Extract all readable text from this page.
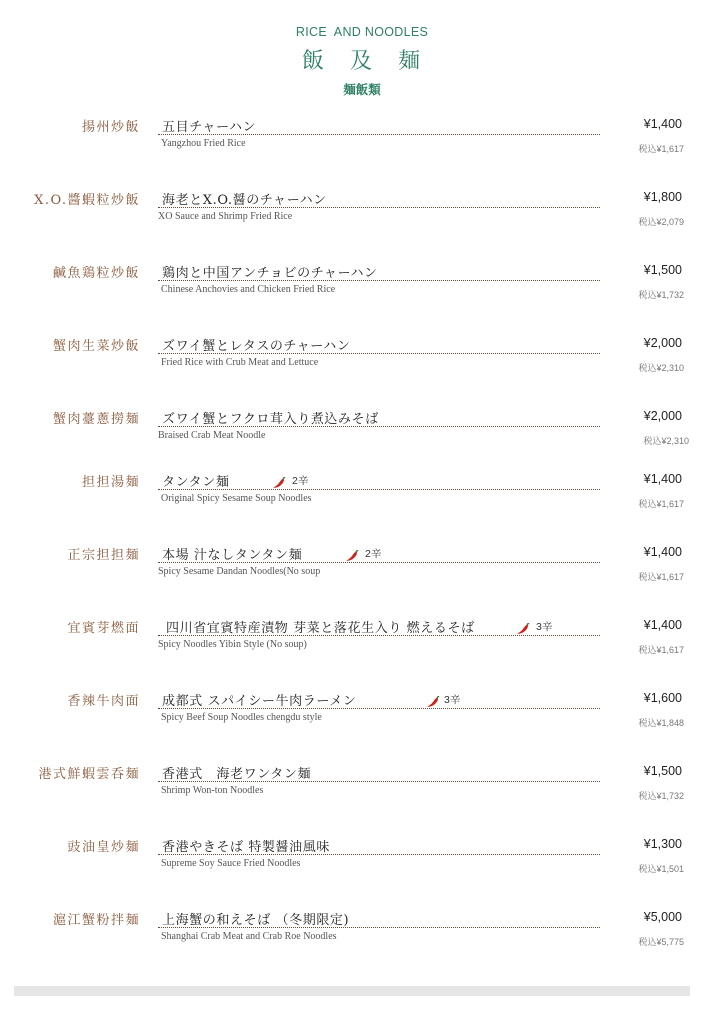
RICE  AND NOODLES
飯　及　麺
麺飯類
揚州炒飯 五目チャーハン
Yangzhou Fried Rice
¥1,400
税込¥1,617
X.O.醬蝦粒炒飯 海老とX.O.醤のチャーハン
XO Sauce and Shrimp Fried Rice
¥1,800
税込¥2,079
鹹魚鶏粒炒飯 鶏肉と中国アンチョビのチャーハン
Chinese Anchovies and Chicken Fried Rice
¥1,500
税込¥1,732
蟹肉生菜炒飯 ズワイ蟹とレタスのチャーハン
Fried Rice with Crub Meat and Lettuce
¥2,000
税込¥2,310
蟹肉薹蔥撈麺 ズワイ蟹とフクロ茸入り煮込みそば
Braised Crab Meat Noodle
¥2,000
税込¥2,310
担担湯麺 タンタン麺	2辛
Original Spicy Sesame Soup Noodles
¥1,400
税込¥1,617
正宗担担麺 本場 汁なしタンタン麺	2辛
Spicy Sesame Dandan Noodles(No soup
¥1,400
税込¥1,617
宜賓芽燃面 四川省宜賓特産漬物 芽菜と落花生入り 燃えるそば	3辛
Spicy Noodles Yibin Style (No soup)
¥1,400
税込¥1,617
香辣牛肉面 成都式 スパイシー牛肉ラーメン	3辛
Spicy Beef Soup Noodles chengdu style
¥1,600
税込¥1,848
港式鮮蝦雲呑麺 香港式　海老ワンタン麺
Shrimp Won-ton Noodles
¥1,500
税込¥1,732
豉油皇炒麺 香港やきそば 特製醤油風味
Supreme Soy Sauce Fried Noodles
¥1,300
税込¥1,501
滬江蟹粉拌麺 上海蟹の和えそば （冬期限定)
Shanghai Crab Meat and Crab Roe Noodles
¥5,000
税込¥5,775
